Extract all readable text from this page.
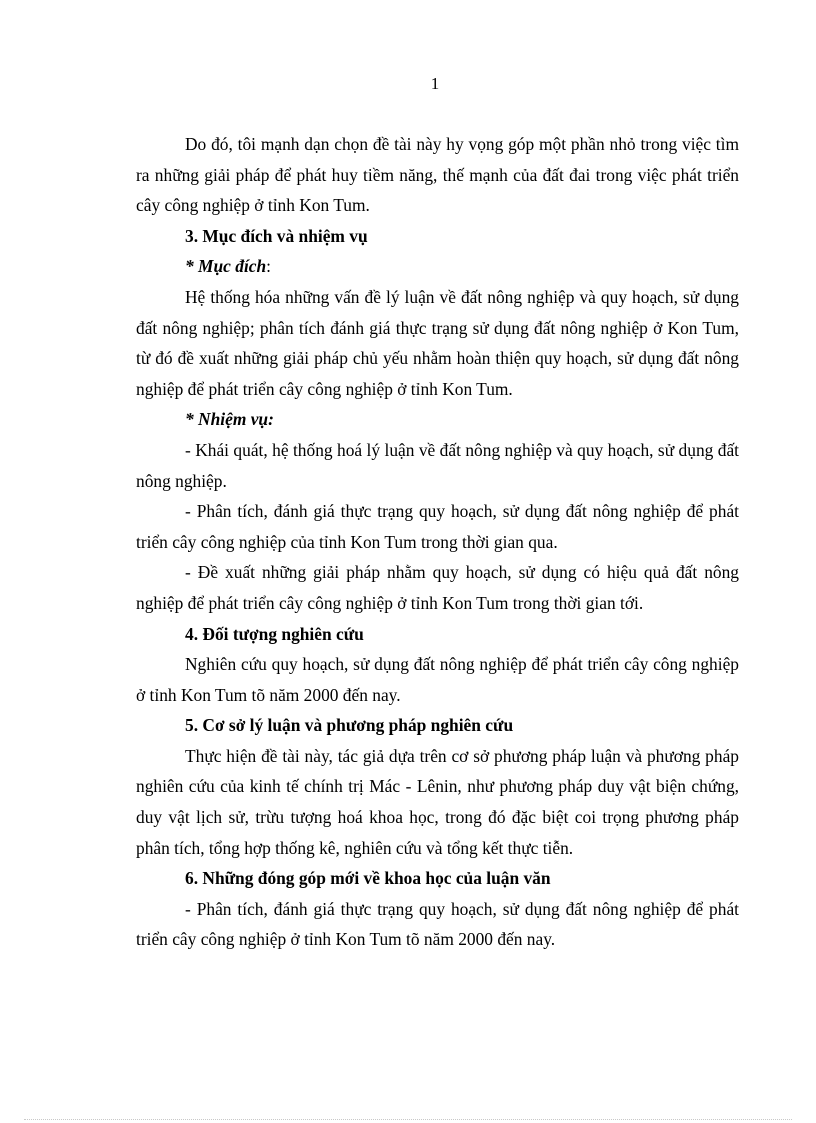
1

Do đó, tôi mạnh dạn chọn đề tài này hy vọng góp một phần nhỏ trong việc tìm ra những giải pháp để phát huy tiềm năng, thế mạnh của đất đai trong việc phát triển cây công nghiệp ở tỉnh Kon Tum.

3. Mục đích và nhiệm vụ

* Mục đích:

Hệ thống hóa những vấn đề lý luận về đất nông nghiệp và quy hoạch, sử dụng đất nông nghiệp; phân tích đánh giá thực trạng sử dụng đất nông nghiệp ở Kon Tum, từ đó đề xuất những giải pháp chủ yếu nhằm hoàn thiện quy hoạch, sử dụng đất nông nghiệp để phát triển cây công nghiệp ở tỉnh Kon Tum.

* Nhiệm vụ:

- Khái quát, hệ thống hoá lý luận về đất nông nghiệp và quy hoạch, sử dụng đất nông nghiệp.

- Phân tích, đánh giá thực trạng quy hoạch, sử dụng đất nông nghiệp để phát triển cây công nghiệp của tỉnh Kon Tum trong thời gian qua.

- Đề xuất những giải pháp nhằm quy hoạch, sử dụng có hiệu quả đất nông nghiệp để phát triển cây công nghiệp ở tỉnh Kon Tum trong thời gian tới.

4. Đối tượng nghiên cứu

Nghiên cứu quy hoạch, sử dụng đất nông nghiệp để phát triển cây công nghiệp ở tỉnh Kon Tum tõ năm 2000 đến nay.

5. Cơ sở lý luận và phương pháp nghiên cứu

Thực hiện đề tài này, tác giả dựa trên cơ sở phương pháp luận và phương pháp nghiên cứu của kinh tế chính trị Mác - Lênin, như phương pháp duy vật biện chứng, duy vật lịch sử, trừu tượng hoá khoa học, trong đó đặc biệt coi trọng phương pháp phân tích, tổng hợp thống kê, nghiên cứu và tổng kết thực tiễn.

6. Những đóng góp mới về khoa học của luận văn

- Phân tích, đánh giá thực trạng quy hoạch, sử dụng đất nông nghiệp để phát triển cây công nghiệp ở tỉnh Kon Tum tõ năm 2000 đến nay.
